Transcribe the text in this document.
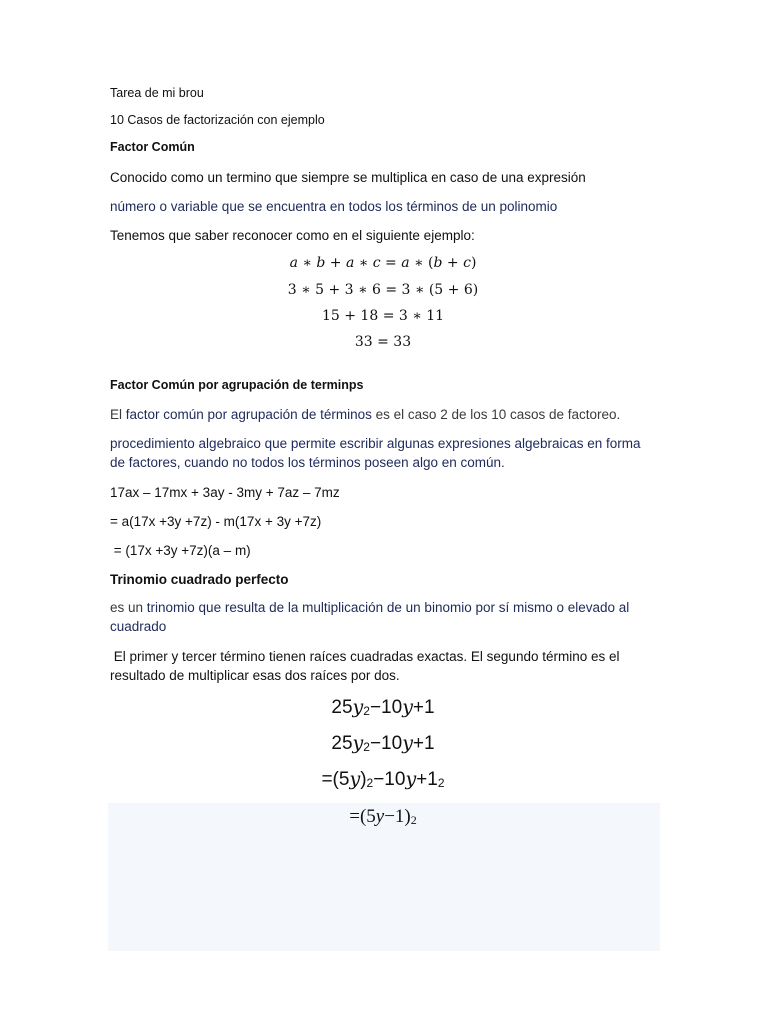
Tarea de mi brou

10 Casos de factorización con ejemplo

Factor Común

Conocido como un termino que siempre se multiplica en caso de una expresión

número o variable que se encuentra en todos los términos de un polinomio

Tenemos que saber reconocer como en el siguiente ejemplo:

a ∗ b + a ∗ c = a ∗ (b + c)

3 ∗ 5 + 3 ∗ 6 = 3 ∗ (5 + 6)

15 + 18 = 3 ∗ 11

33 = 33

Factor Común por agrupación de terminps

El factor común por agrupación de términos es el caso 2 de los 10 casos de factoreo.

procedimiento algebraico que permite escribir algunas expresiones algebraicas en forma de factores, cuando no todos los términos poseen algo en común.

17ax – 17mx + 3ay - 3my + 7az – 7mz

= a(17x +3y +7z) - m(17x + 3y +7z)

= (17x +3y +7z)(a – m)

Trinomio cuadrado perfecto

es un trinomio que resulta de la multiplicación de un binomio por sí mismo o elevado al cuadrado

El primer y tercer término tienen raíces cuadradas exactas. El segundo término es el resultado de multiplicar esas dos raíces por dos.

25y2−10y+1

25y2−10y+1

=(5y)2−10y+12

=(5y−1)2
